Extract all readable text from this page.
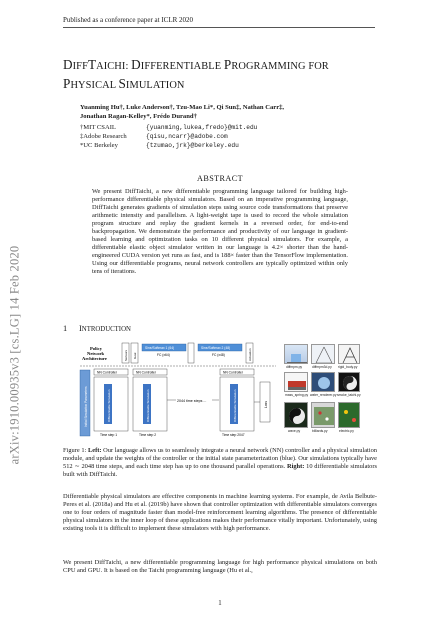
Published as a conference paper at ICLR 2020
DIFFTAICHI: DIFFERENTIABLE PROGRAMMING FOR
PHYSICAL SIMULATION
Yuanming Hu†, Luke Anderson†, Tzu-Mao Li*, Qi Sun‡, Nathan Carr‡,
Jonathan Ragan-Kelley*, Frédo Durand†
†MIT CSAIL	{yuanming,lukea,fredo}@mit.edu
‡Adobe Research	{qisu,ncarr}@adobe.com
*UC Berkeley	{tzumao,jrk}@berkeley.edu
arXiv:1910.00935v3 [cs.LG] 14 Feb 2020
ABSTRACT
We present DiffTaichi, a new differentiable programming language tailored for building high-performance differentiable physical simulators. Based on an imperative programming language, DiffTaichi generates gradients of simulation steps using source code transformations that preserve arithmetic intensity and parallelism. A light-weight tape is used to record the whole simulation program structure and replay the gradient kernels in a reversed order, for end-to-end backpropagation. We demonstrate the performance and productivity of our language in gradient-based learning and optimization tasks on 10 different physical simulators. For example, a differentiable elastic object simulator written in our language is 4.2× shorter than the hand-engineered CUDA version yet runs as fast, and is 188× faster than the TensorFlow implementation. Using our differentiable programs, neural network controllers are typically optimized within only tens of iterations.
1 INTRODUCTION
Policy
Network
Architecture	Sensors Goal
Sine/Softmax 1 (64)
FC (x64)
Sine/Softmax 2 (48)
FC (x48)	Actuation
Initial Simulation Parameters
NN Controller
Differentiable Simulation
Time step 1
NN Controller
Differentiable Simulation
Time step 2
2044 time steps ...
NN Controller
Differentiable Simulation
Time step 2047
Loss
diffmpm.py	diffmpm3d.py rigid_body.py
mass_spring.py water_renderer.py smoke_taichi.py
wave.py	billiards.py	electric.py
Figure 1: Left: Our language allows us to seamlessly integrate a neural network (NN) controller and a physical simulation module, and update the weights of the controller or the initial state parameterization (blue). Our simulations typically have 512 ∼ 2048 time steps, and each time step has up to one thousand parallel operations. Right: 10 differentiable simulators built with DiffTaichi.
Differentiable physical simulators are effective components in machine learning systems. For example, de Avila Belbute-Peres et al. (2018a) and Hu et al. (2019b) have shown that controller optimization with differentiable simulators converges one to four orders of magnitude faster than model-free reinforcement learning algorithms. The presence of differentiable physical simulators in the inner loop of these applications makes their performance vitally important. Unfortunately, using existing tools it is difficult to implement these simulators with high performance.
We present DiffTaichi, a new differentiable programming language for high performance physical simulations on both CPU and GPU. It is based on the Taichi programming language (Hu et al.,
1
